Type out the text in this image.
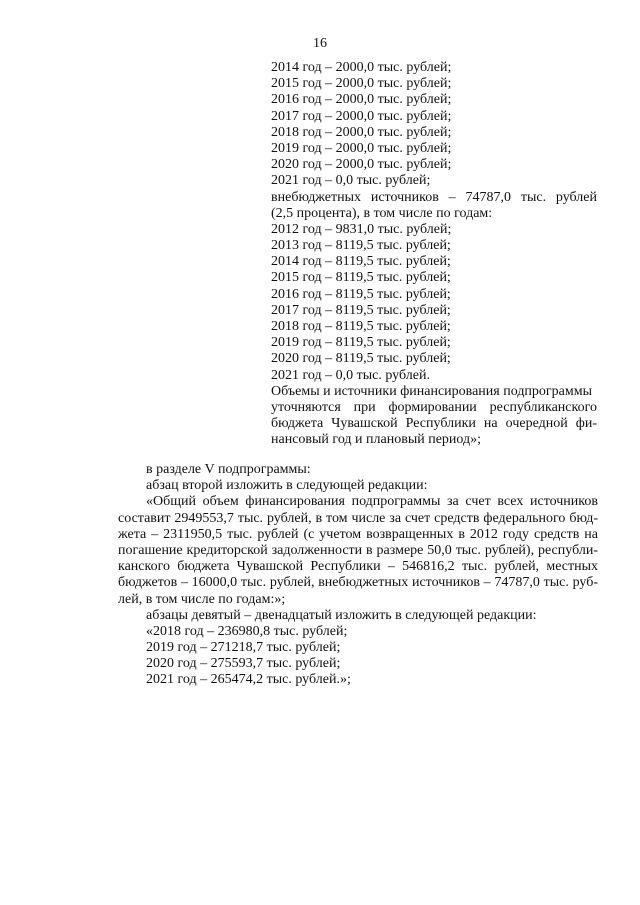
16
2014 год – 2000,0 тыс. рублей;
2015 год – 2000,0 тыс. рублей;
2016 год – 2000,0 тыс. рублей;
2017 год – 2000,0 тыс. рублей;
2018 год – 2000,0 тыс. рублей;
2019 год – 2000,0 тыс. рублей;
2020 год – 2000,0 тыс. рублей;
2021 год – 0,0 тыс. рублей;
внебюджетных источников – 74787,0 тыс. рублей
(2,5 процента), в том числе по годам:
2012 год – 9831,0 тыс. рублей;
2013 год – 8119,5 тыс. рублей;
2014 год – 8119,5 тыс. рублей;
2015 год – 8119,5 тыс. рублей;
2016 год – 8119,5 тыс. рублей;
2017 год – 8119,5 тыс. рублей;
2018 год – 8119,5 тыс. рублей;
2019 год – 8119,5 тыс. рублей;
2020 год – 8119,5 тыс. рублей;
2021 год – 0,0 тыс. рублей.
Объемы и источники финансирования подпрограммы
уточняются при формировании республиканского
бюджета Чувашской Республики на очередной фи-
нансовый год и плановый период»;
в разделе V подпрограммы:
абзац второй изложить в следующей редакции:
«Общий объем финансирования подпрограммы за счет всех источников
составит 2949553,7 тыс. рублей, в том числе за счет средств федерального бюд-
жета – 2311950,5 тыс. рублей (с учетом возвращенных в 2012 году средств на
погашение кредиторской задолженности в размере 50,0 тыс. рублей), республи-
канского бюджета Чувашской Республики – 546816,2 тыс. рублей, местных
бюджетов – 16000,0 тыс. рублей, внебюджетных источников – 74787,0 тыс. руб-
лей, в том числе по годам:»;
абзацы девятый – двенадцатый изложить в следующей редакции:
«2018 год – 236980,8 тыс. рублей;
2019 год – 271218,7 тыс. рублей;
2020 год – 275593,7 тыс. рублей;
2021 год – 265474,2 тыс. рублей.»;
